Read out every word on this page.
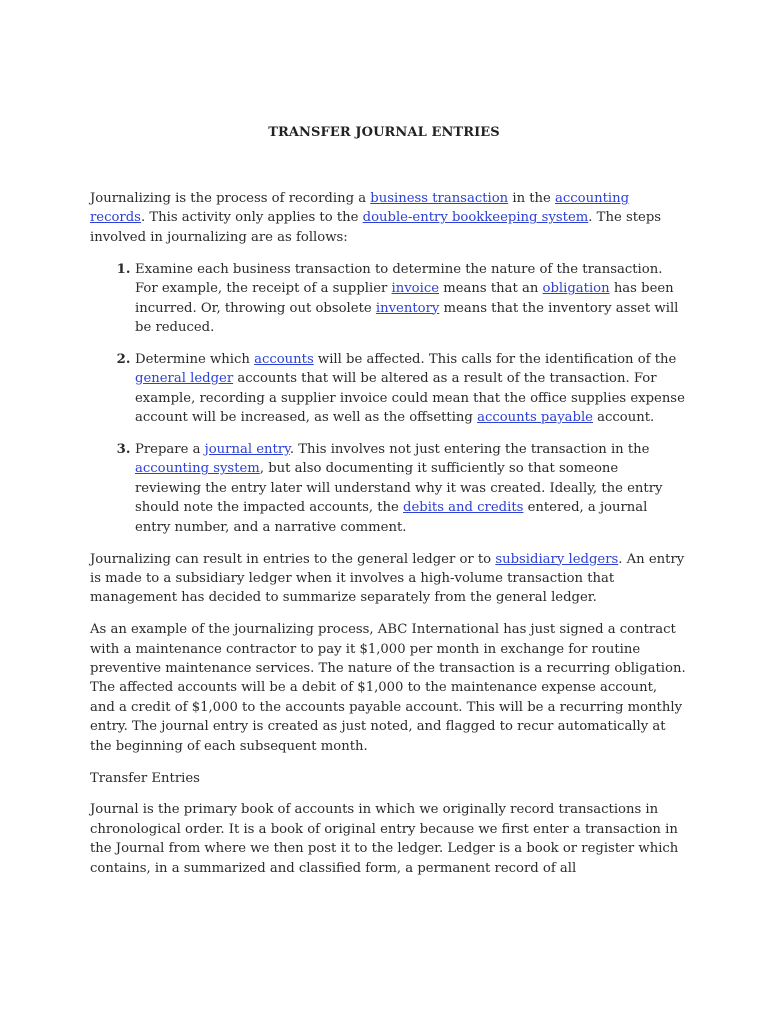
TRANSFER JOURNAL ENTRIES

Journalizing is the process of recording a business transaction in the accounting records. This activity only applies to the double-entry bookkeeping system. The steps involved in journalizing are as follows:

1. Examine each business transaction to determine the nature of the transaction. For example, the receipt of a supplier invoice means that an obligation has been incurred. Or, throwing out obsolete inventory means that the inventory asset will be reduced.
2. Determine which accounts will be affected. This calls for the identification of the general ledger accounts that will be altered as a result of the transaction. For example, recording a supplier invoice could mean that the office supplies expense account will be increased, as well as the offsetting accounts payable account.
3. Prepare a journal entry. This involves not just entering the transaction in the accounting system, but also documenting it sufficiently so that someone reviewing the entry later will understand why it was created. Ideally, the entry should note the impacted accounts, the debits and credits entered, a journal entry number, and a narrative comment.

Journalizing can result in entries to the general ledger or to subsidiary ledgers. An entry is made to a subsidiary ledger when it involves a high-volume transaction that management has decided to summarize separately from the general ledger.

As an example of the journalizing process, ABC International has just signed a contract with a maintenance contractor to pay it $1,000 per month in exchange for routine preventive maintenance services. The nature of the transaction is a recurring obligation. The affected accounts will be a debit of $1,000 to the maintenance expense account, and a credit of $1,000 to the accounts payable account. This will be a recurring monthly entry. The journal entry is created as just noted, and flagged to recur automatically at the beginning of each subsequent month.

Transfer Entries

Journal is the primary book of accounts in which we originally record transactions in chronological order. It is a book of original entry because we first enter a transaction in the Journal from where we then post it to the ledger. Ledger is a book or register which contains, in a summarized and classified form, a permanent record of all
